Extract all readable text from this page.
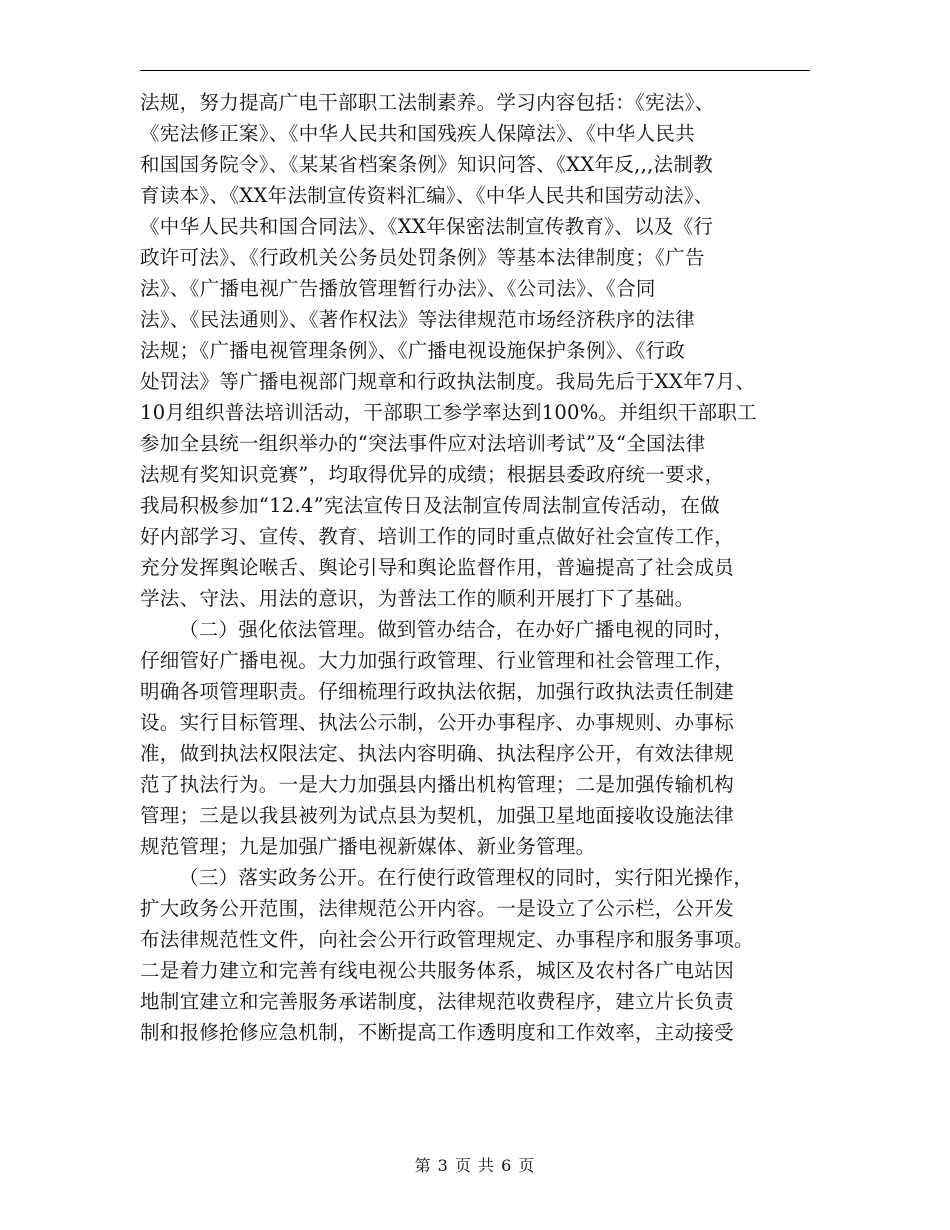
法规，努力提高广电干部职工法制素养。学习内容包括：《宪法》、
《宪法修正案》、《中华人民共和国残疾人保障法》、《中华人民共
和国国务院令》、《某某省档案条例》知识问答、《XX年反,,,法制教
育读本》、《XX年法制宣传资料汇编》、《中华人民共和国劳动法》、
《中华人民共和国合同法》、《XX年保密法制宣传教育》、以及《行
政许可法》、《行政机关公务员处罚条例》等基本法律制度；《广告
法》、《广播电视广告播放管理暂行办法》、《公司法》、《合同
法》、《民法通则》、《著作权法》等法律规范市场经济秩序的法律
法规；《广播电视管理条例》、《广播电视设施保护条例》、《行政
处罚法》等广播电视部门规章和行政执法制度。我局先后于XX年7月、
10月组织普法培训活动，干部职工参学率达到100%。并组织干部职工
参加全县统一组织举办的“突法事件应对法培训考试”及“全国法律
法规有奖知识竞赛”，均取得优异的成绩；根据县委政府统一要求，
我局积极参加“12.4”宪法宣传日及法制宣传周法制宣传活动，在做
好内部学习、宣传、教育、培训工作的同时重点做好社会宣传工作，
充分发挥舆论喉舌、舆论引导和舆论监督作用，普遍提高了社会成员
学法、守法、用法的意识，为普法工作的顺利开展打下了基础。
（二）强化依法管理。做到管办结合，在办好广播电视的同时，
仔细管好广播电视。大力加强行政管理、行业管理和社会管理工作，
明确各项管理职责。仔细梳理行政执法依据，加强行政执法责任制建
设。实行目标管理、执法公示制，公开办事程序、办事规则、办事标
准，做到执法权限法定、执法内容明确、执法程序公开，有效法律规
范了执法行为。一是大力加强县内播出机构管理；二是加强传输机构
管理；三是以我县被列为试点县为契机，加强卫星地面接收设施法律
规范管理；九是加强广播电视新媒体、新业务管理。
（三）落实政务公开。在行使行政管理权的同时，实行阳光操作，
扩大政务公开范围，法律规范公开内容。一是设立了公示栏，公开发
布法律规范性文件，向社会公开行政管理规定、办事程序和服务事项。
二是着力建立和完善有线电视公共服务体系，城区及农村各广电站因
地制宜建立和完善服务承诺制度，法律规范收费程序，建立片长负责
制和报修抢修应急机制，不断提高工作透明度和工作效率，主动接受
第 3 页 共 6 页
